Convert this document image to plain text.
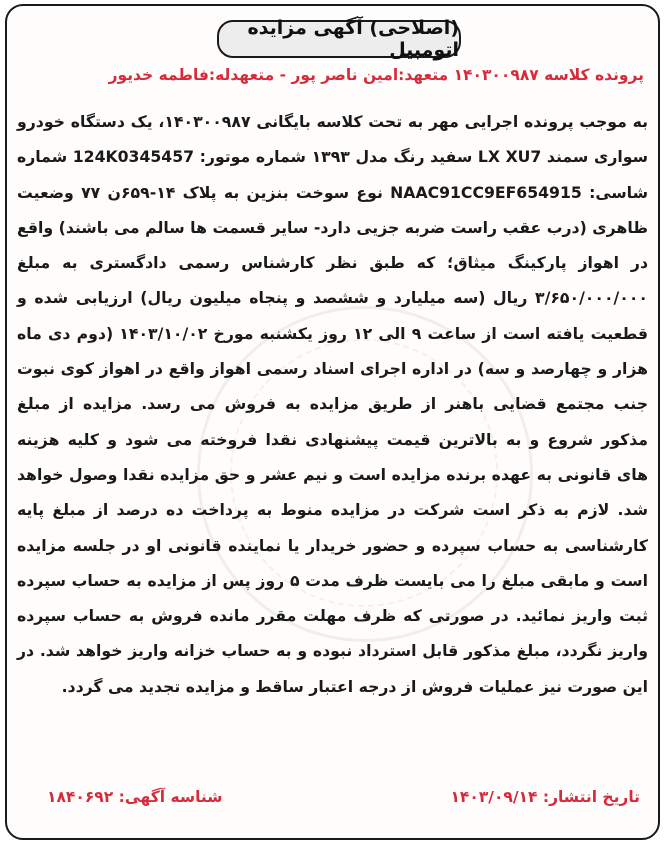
(اصلاحی) آگهی مزایده اتومبیل
پرونده کلاسه ۱۴۰۳۰۰۹۸۷ متعهد:امین ناصر پور - متعهدله:فاطمه خدیور
به موجب پرونده اجرایی مهر به تحت کلاسه بایگانی ۱۴۰۳۰۰۹۸۷، یک دستگاه خودرو سواری سمند LX XU7 سفید رنگ مدل ۱۳۹۳ شماره موتور: 124K0345457 شماره شاسی: NAAC91CC9EF654915 نوع سوخت بنزین به پلاک ۱۴-۶۵۹ن ۷۷ وضعیت ظاهری (درب عقب راست ضربه جزیی دارد- سایر قسمت ها سالم می باشند) واقع در اهواز پارکینگ میثاق؛ که طبق نظر کارشناس رسمی دادگستری به مبلغ ۳/۶۵۰/۰۰۰/۰۰۰ ریال (سه میلیارد و ششصد و پنجاه میلیون ریال) ارزیابی شده و قطعیت یافته است از ساعت ۹ الی ۱۲ روز یکشنبه مورخ ۱۴۰۳/۱۰/۰۲ (دوم دی ماه هزار و چهارصد و سه) در اداره اجرای اسناد رسمی اهواز واقع در اهواز کوی نبوت جنب مجتمع قضایی باهنر از طریق مزایده به فروش می رسد. مزایده از مبلغ مذکور شروع و به بالاترین قیمت پیشنهادی نقدا فروخته می شود و کلیه هزینه های قانونی به عهده برنده مزایده است و نیم عشر و حق مزایده نقدا وصول خواهد شد. لازم به ذکر است شرکت در مزایده منوط به پرداخت ده درصد از مبلغ پایه کارشناسی به حساب سپرده و حضور خریدار یا نماینده قانونی او در جلسه مزایده است و مابقی مبلغ را می بایست ظرف مدت ۵ روز پس از مزایده به حساب سپرده ثبت واریز نمائید. در صورتی که ظرف مهلت مقرر مانده فروش به حساب سپرده واریز نگردد، مبلغ مذکور قابل استرداد نبوده و به حساب خزانه واریز خواهد شد. در این صورت نیز عملیات فروش از درجه اعتبار ساقط و مزایده تجدید می گردد.
تاریخ انتشار: ۱۴۰۳/۰۹/۱۴
شناسه آگهی: ۱۸۴۰۶۹۲
